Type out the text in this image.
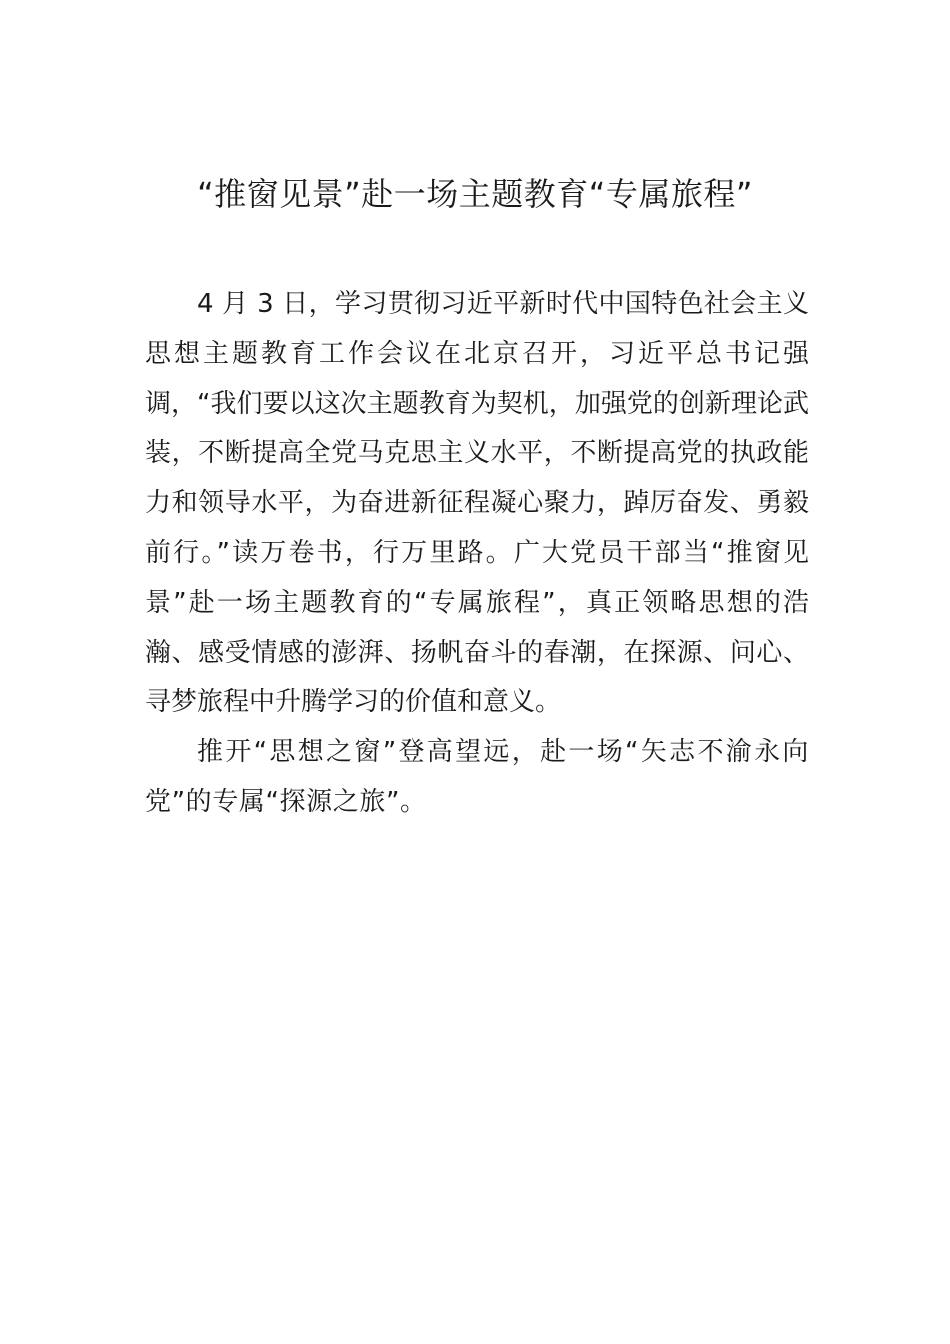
“推窗见景”赴一场主题教育“专属旅程”

4 月 3 日，学习贯彻习近平新时代中国特色社会主义思想主题教育工作会议在北京召开，习近平总书记强调，“我们要以这次主题教育为契机，加强党的创新理论武装，不断提高全党马克思主义水平，不断提高党的执政能力和领导水平，为奋进新征程凝心聚力，踔厉奋发、勇毅前行。”读万卷书，行万里路。广大党员干部当“推窗见景”赴一场主题教育的“专属旅程”，真正领略思想的浩瀚、感受情感的澎湃、扬帆奋斗的春潮，在探源、问心、寻梦旅程中升腾学习的价值和意义。

推开“思想之窗”登高望远，赴一场“矢志不渝永向党”的专属“探源之旅”。
